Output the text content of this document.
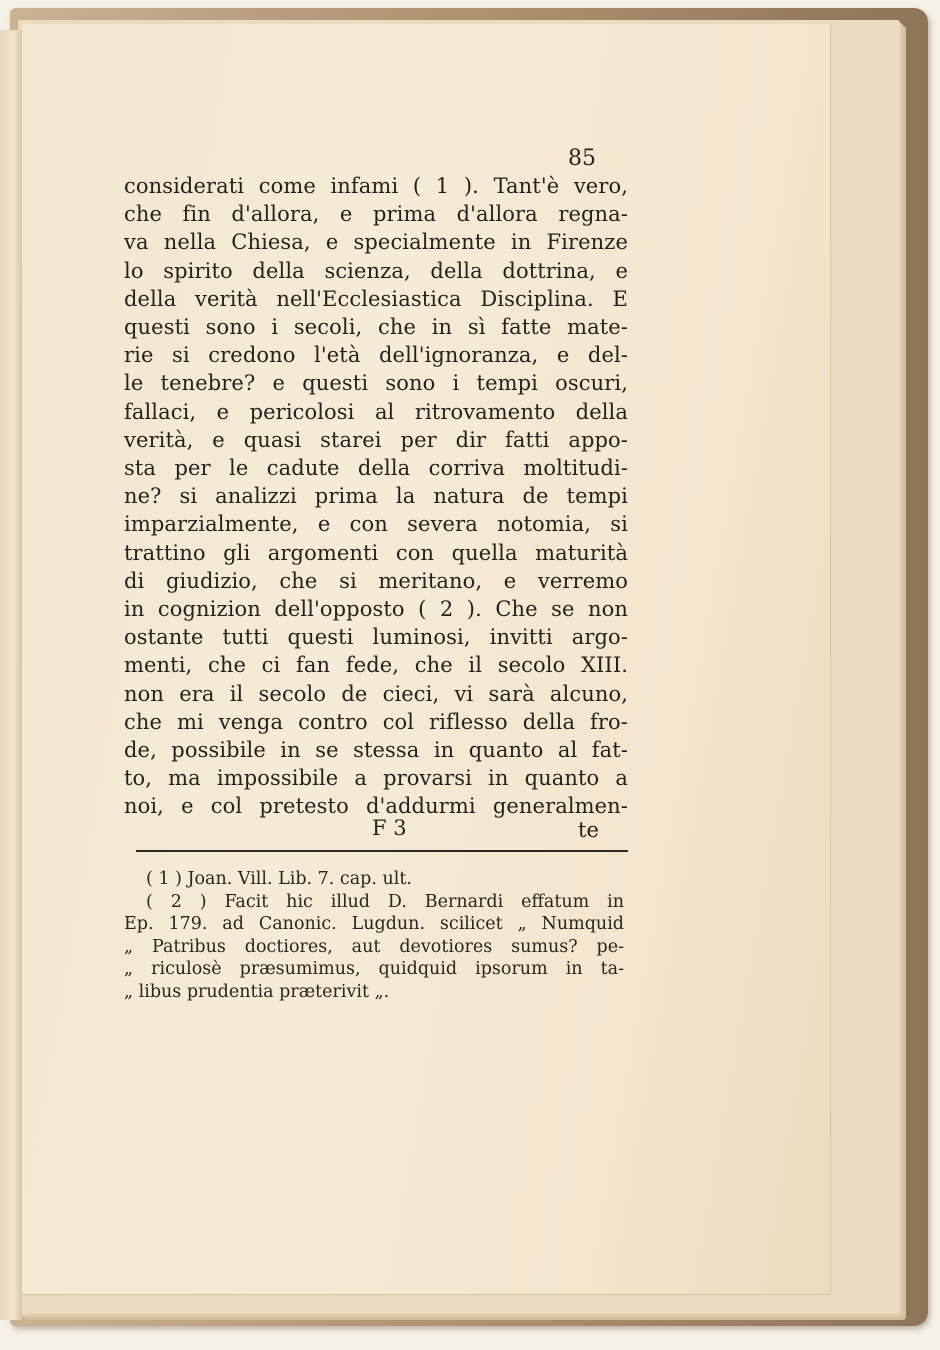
85
considerati come infami ( 1 ). Tant'è vero,
che fin d'allora, e prima d'allora regna-
va nella Chiesa, e specialmente in Firenze
lo spirito della scienza, della dottrina, e
della verità nell'Ecclesiastica Disciplina. E
questi sono i secoli, che in sì fatte mate-
rie si credono l'età dell'ignoranza, e del-
le tenebre? e questi sono i tempi oscuri,
fallaci, e pericolosi al ritrovamento della
verità, e quasi starei per dir fatti appo-
sta per le cadute della corriva moltitudi-
ne? si analizzi prima la natura de tempi
imparzialmente, e con severa notomia, si
trattino gli argomenti con quella maturità
di giudizio, che si meritano, e verremo
in cognizion dell'opposto ( 2 ). Che se non
ostante tutti questi luminosi, invitti argo-
menti, che ci fan fede, che il secolo XIII.
non era il secolo de cieci, vi sarà alcuno,
che mi venga contro col riflesso della fro-
de, possibile in se stessa in quanto al fat-
to, ma impossibile a provarsi in quanto a
noi, e col pretesto d'addurmi generalmen-
F 3	te
( 1 ) Joan. Vill. Lib. 7. cap. ult.
( 2 ) Facit hic illud D. Bernardi effatum in
Ep. 179. ad Canonic. Lugdun. scilicet „ Numquid
„ Patribus doctiores, aut devotiores sumus? pe-
„ riculosè præsumimus, quidquid ipsorum in ta-
„ libus prudentia præterivit „.
